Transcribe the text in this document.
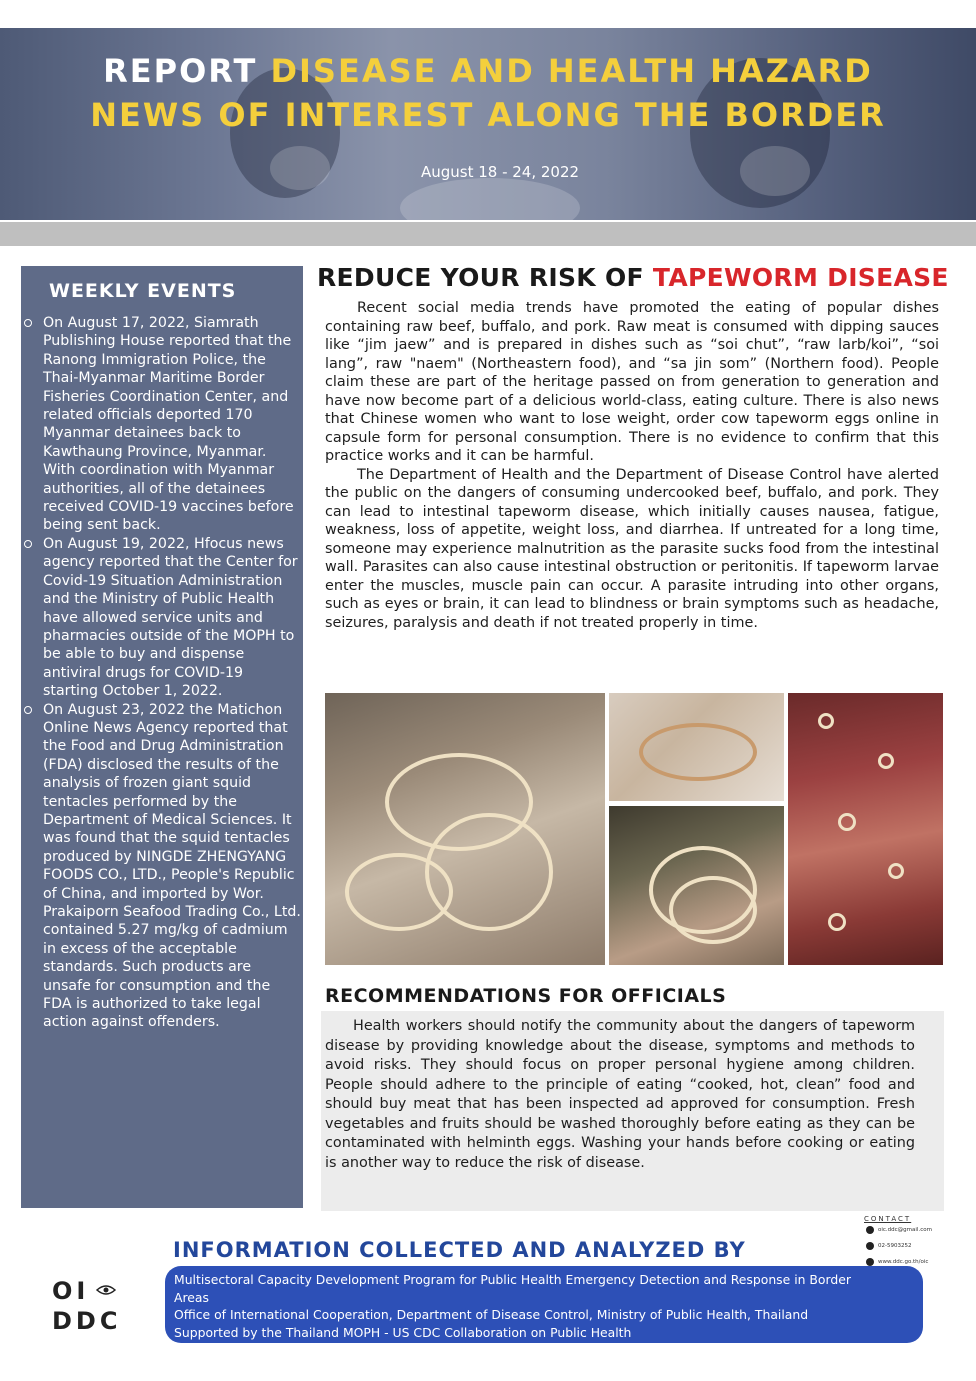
REPORT DISEASE AND HEALTH HAZARD
NEWS OF INTEREST ALONG THE BORDER
August 18 - 24, 2022
WEEKLY EVENTS
On August 17, 2022, Siamrath Publishing House reported that the Ranong Immigration Police, the Thai-Myanmar Maritime Border Fisheries Coordination Center, and related officials deported 170 Myanmar detainees back to Kawthaung Province, Myanmar. With coordination with Myanmar authorities, all of the detainees received COVID-19 vaccines before being sent back.
On August 19, 2022, Hfocus news agency reported that the Center for Covid-19 Situation Administration and the Ministry of Public Health have allowed service units and pharmacies outside of the MOPH to be able to buy and dispense antiviral drugs for COVID-19 starting October 1, 2022.
On August 23, 2022 the Matichon Online News Agency reported that the Food and Drug Administration (FDA) disclosed the results of the analysis of frozen giant squid tentacles performed by the Department of Medical Sciences. It was found that the squid tentacles produced by NINGDE ZHENGYANG FOODS CO., LTD., People's Republic of China, and imported by Wor. Prakaiporn Seafood Trading Co., Ltd. contained 5.27 mg/kg of cadmium in excess of the acceptable standards. Such products are unsafe for consumption and the FDA is authorized to take legal action against offenders.
REDUCE YOUR RISK OF TAPEWORM DISEASE

Recent social media trends have promoted the eating of popular dishes containing raw beef, buffalo, and pork. Raw meat is consumed with dipping sauces like “jim jaew” and is prepared in dishes such as “soi chut”, “raw larb/koi”, “soi lang”, raw "naem" (Northeastern food), and “sa jin som” (Northern food). People claim these are part of the heritage passed on from generation to generation and have now become part of a delicious world-class, eating culture. There is also news that Chinese women who want to lose weight, order cow tapeworm eggs online in capsule form for personal consumption. There is no evidence to confirm that this practice works and it can be harmful.

The Department of Health and the Department of Disease Control have alerted the public on the dangers of consuming undercooked beef, buffalo, and pork. They can lead to intestinal tapeworm disease, which initially causes nausea, fatigue, weakness, loss of appetite, weight loss, and diarrhea. If untreated for a long time, someone may experience malnutrition as the parasite sucks food from the intestinal wall. Parasites can also cause intestinal obstruction or peritonitis. If tapeworm larvae enter the muscles, muscle pain can occur. A parasite intruding into other organs, such as eyes or brain, it can lead to blindness or brain symptoms such as headache, seizures, paralysis and death if not treated properly in time.

RECOMMENDATIONS FOR OFFICIALS

Health workers should notify the community about the dangers of tapeworm disease by providing knowledge about the disease, symptoms and methods to avoid risks. They should focus on proper personal hygiene among children. People should adhere to the principle of eating “cooked, hot, clean” food and should buy meat that has been inspected ad approved for consumption. Fresh vegetables and fruits should be washed thoroughly before eating as they can be contaminated with helminth eggs. Washing your hands before cooking or eating is another way to reduce the risk of disease.

CONTACT
oic.ddc@gmail.com
02-5903252
www.ddc.go.th/oic
INFORMATION COLLECTED AND ANALYZED BY
Multisectoral Capacity Development Program for Public Health Emergency Detection and Response in Border Areas
Office of International Cooperation, Department of Disease Control, Ministry of Public Health, Thailand
Supported by the Thailand MOPH - US CDC Collaboration on Public Health
OI
DDC
